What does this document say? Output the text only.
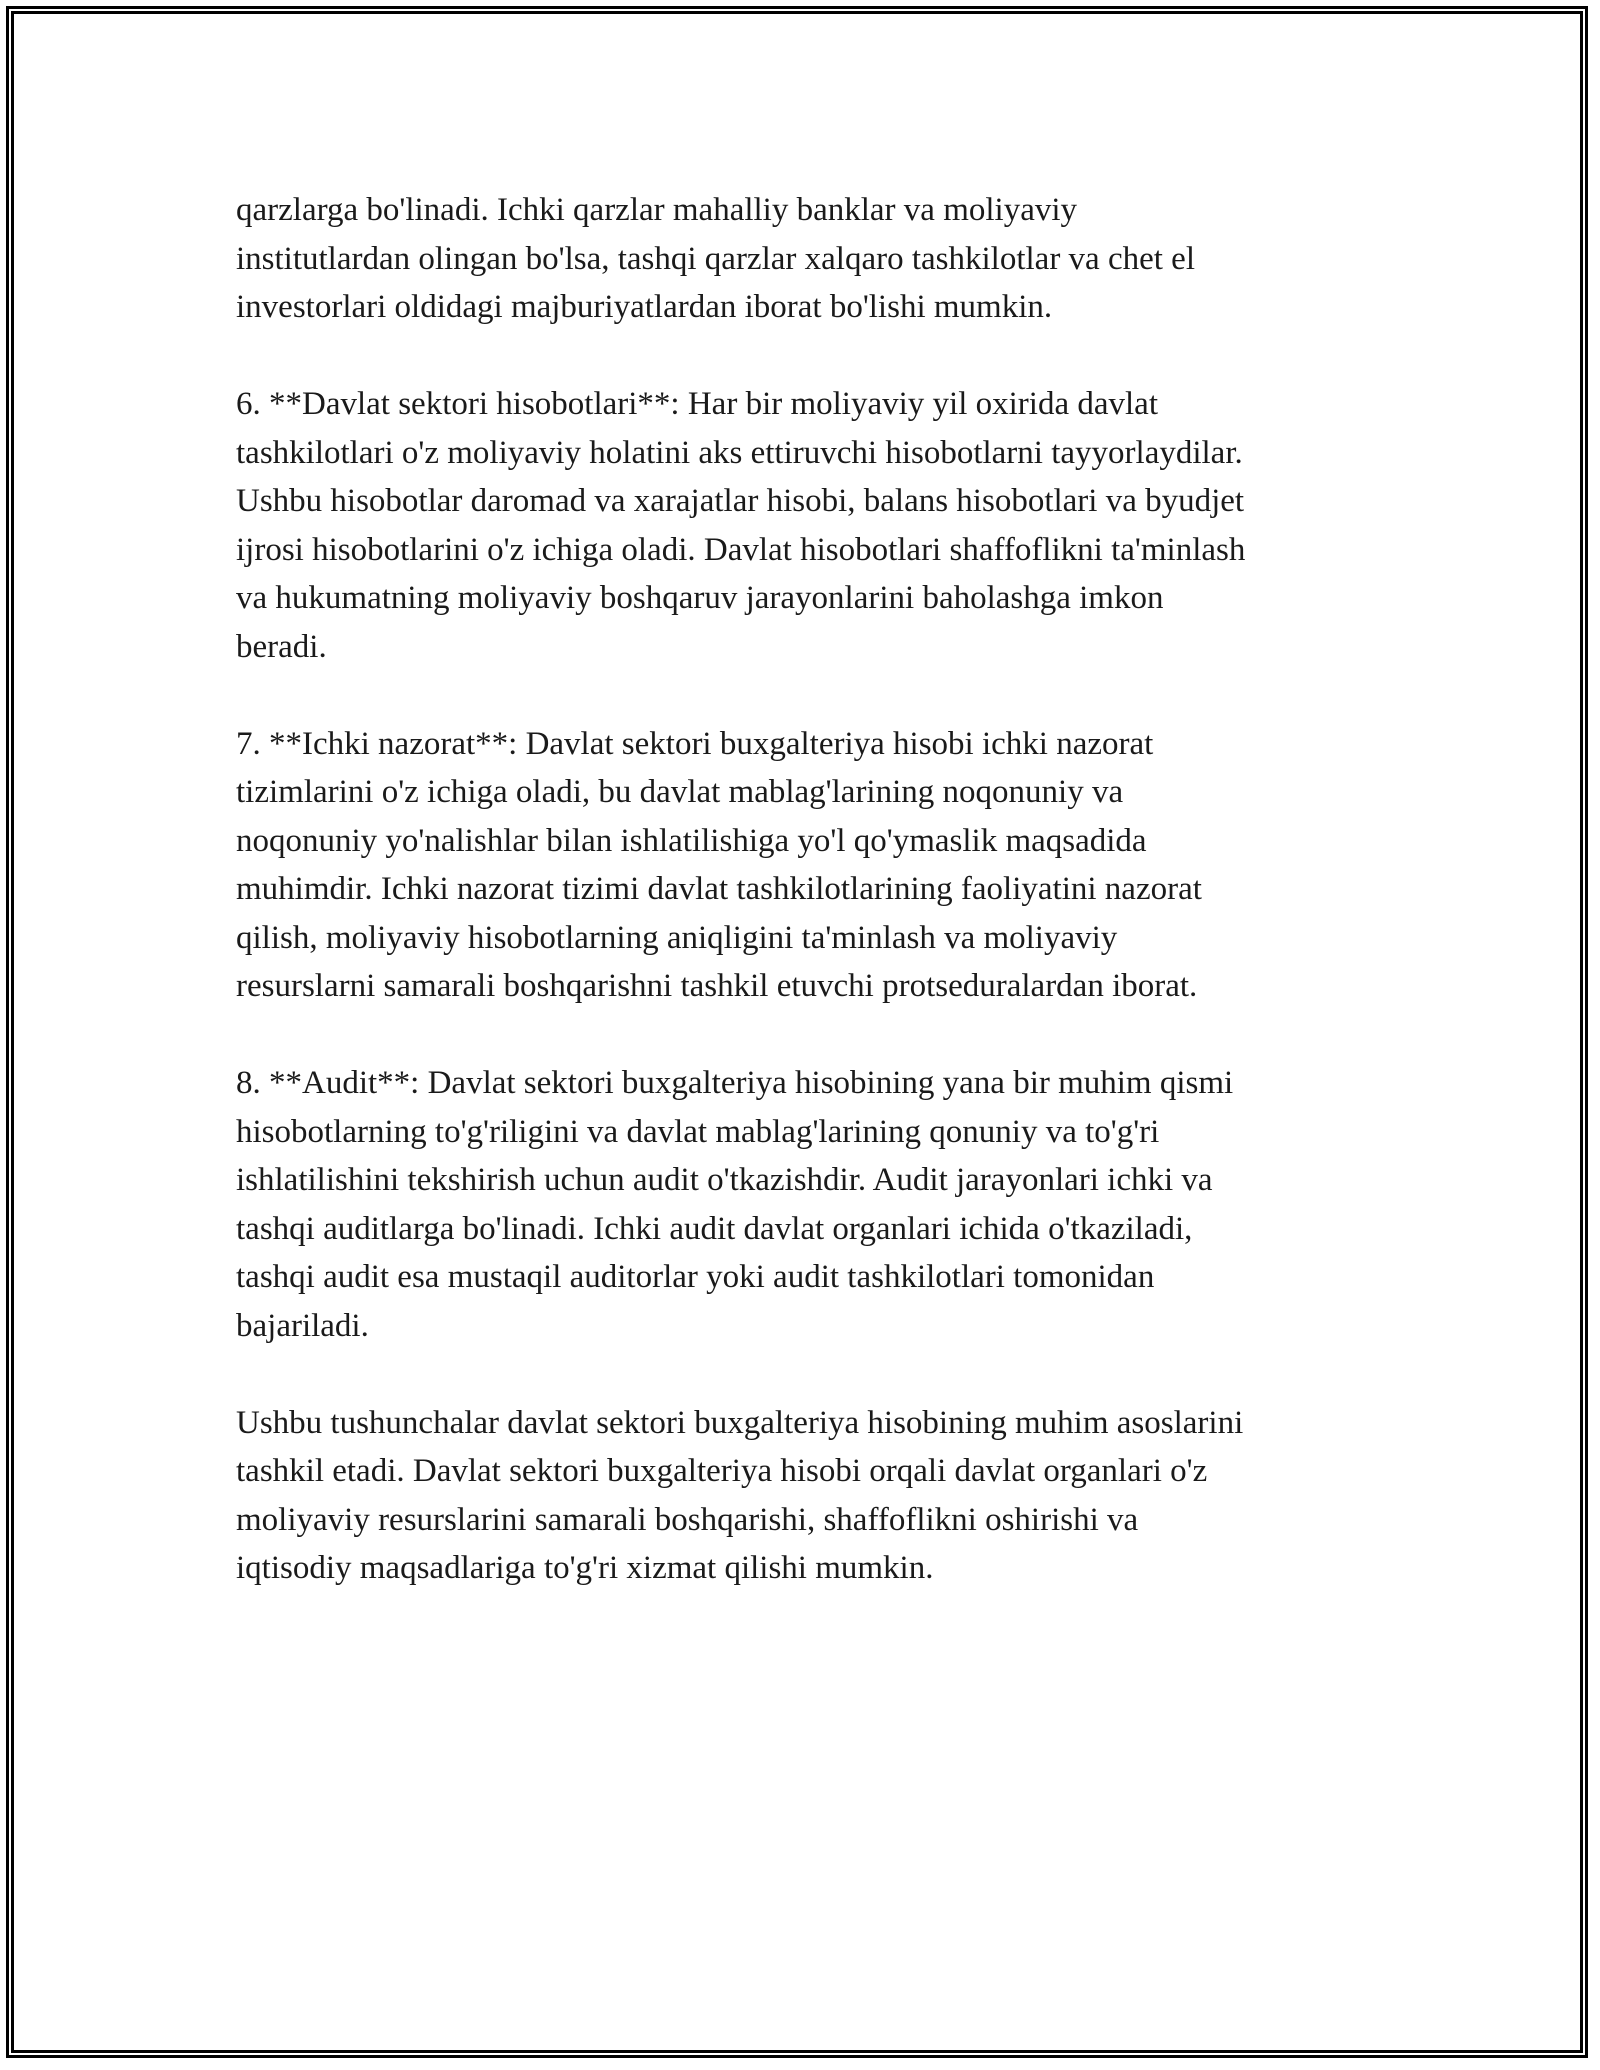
qarzlarga bo'linadi. Ichki qarzlar mahalliy banklar va moliyaviy
institutlardan olingan bo'lsa, tashqi qarzlar xalqaro tashkilotlar va chet el
investorlari oldidagi majburiyatlardan iborat bo'lishi mumkin.

6. **Davlat sektori hisobotlari**: Har bir moliyaviy yil oxirida davlat
tashkilotlari o'z moliyaviy holatini aks ettiruvchi hisobotlarni tayyorlaydilar.
Ushbu hisobotlar daromad va xarajatlar hisobi, balans hisobotlari va byudjet
ijrosi hisobotlarini o'z ichiga oladi. Davlat hisobotlari shaffoflikni ta'minlash
va hukumatning moliyaviy boshqaruv jarayonlarini baholashga imkon
beradi.

7. **Ichki nazorat**: Davlat sektori buxgalteriya hisobi ichki nazorat
tizimlarini o'z ichiga oladi, bu davlat mablag'larining noqonuniy va
noqonuniy yo'nalishlar bilan ishlatilishiga yo'l qo'ymaslik maqsadida
muhimdir. Ichki nazorat tizimi davlat tashkilotlarining faoliyatini nazorat
qilish, moliyaviy hisobotlarning aniqligini ta'minlash va moliyaviy
resurslarni samarali boshqarishni tashkil etuvchi protseduralardan iborat.

8. **Audit**: Davlat sektori buxgalteriya hisobining yana bir muhim qismi
hisobotlarning to'g'riligini va davlat mablag'larining qonuniy va to'g'ri
ishlatilishini tekshirish uchun audit o'tkazishdir. Audit jarayonlari ichki va
tashqi auditlarga bo'linadi. Ichki audit davlat organlari ichida o'tkaziladi,
tashqi audit esa mustaqil auditorlar yoki audit tashkilotlari tomonidan
bajariladi.

Ushbu tushunchalar davlat sektori buxgalteriya hisobining muhim asoslarini
tashkil etadi. Davlat sektori buxgalteriya hisobi orqali davlat organlari o'z
moliyaviy resurslarini samarali boshqarishi, shaffoflikni oshirishi va
iqtisodiy maqsadlariga to'g'ri xizmat qilishi mumkin.
